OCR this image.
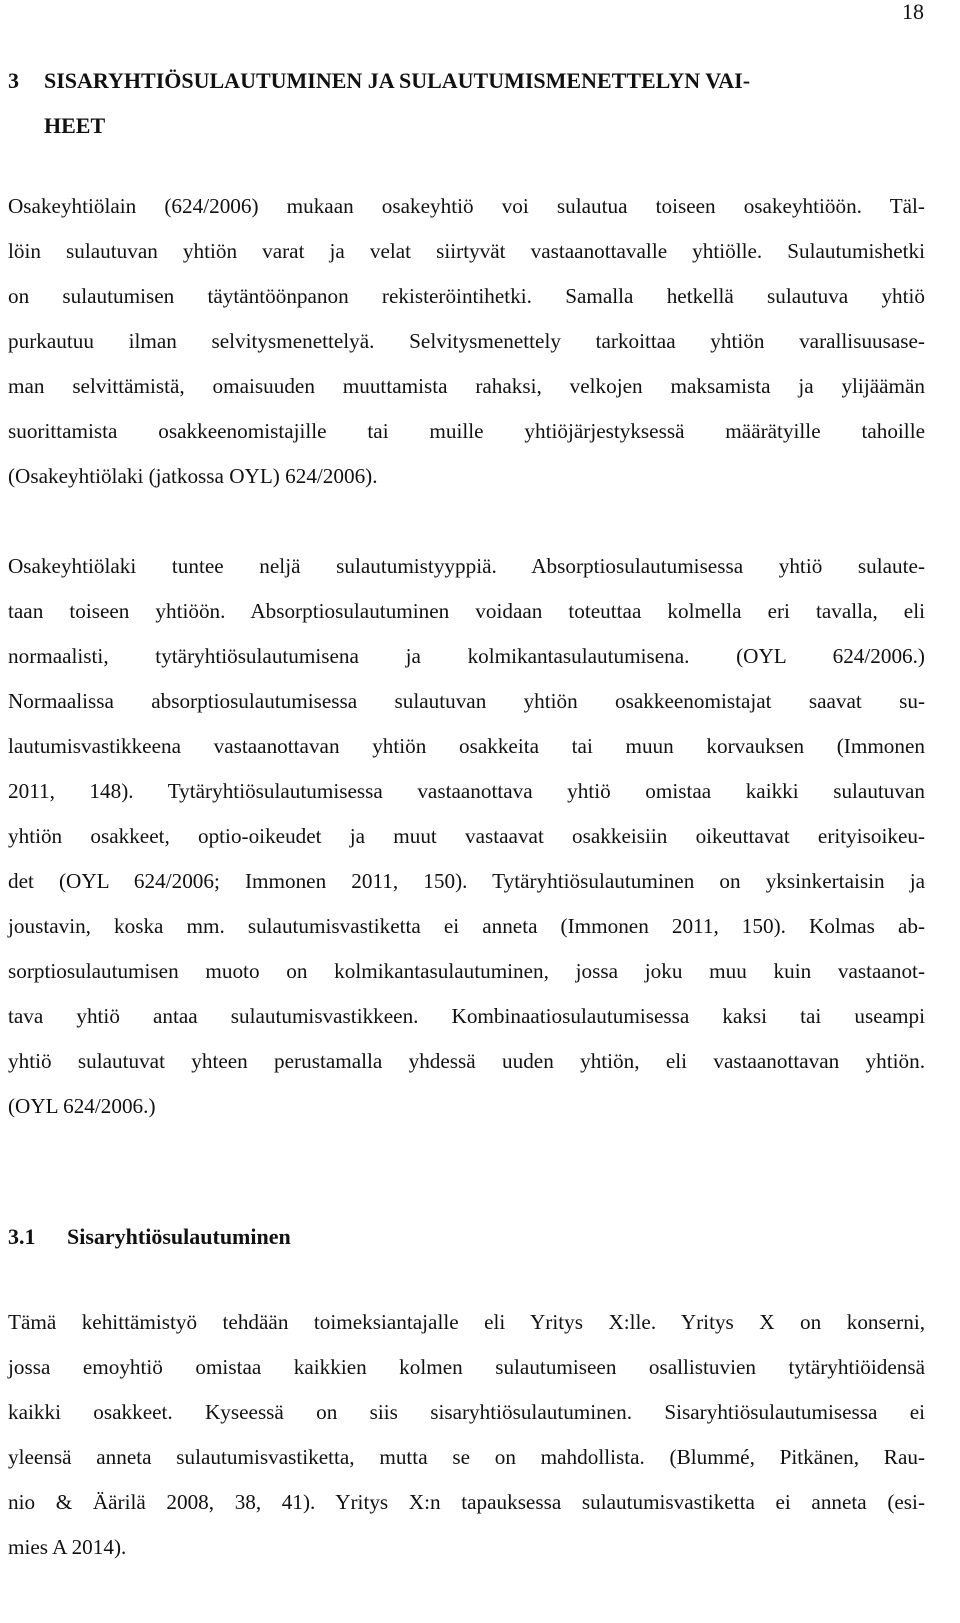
18
3 SISARYHTIÖSULAUTUMINEN JA SULAUTUMISMENETTELYN VAI-
HEET
Osakeyhtiölain (624/2006) mukaan osakeyhtiö voi sulautua toiseen osakeyhtiöön. Täl-
löin sulautuvan yhtiön varat ja velat siirtyvät vastaanottavalle yhtiölle. Sulautumishetki
on sulautumisen täytäntöönpanon rekisteröintihetki. Samalla hetkellä sulautuva yhtiö
purkautuu ilman selvitysmenettelyä. Selvitysmenettely tarkoittaa yhtiön varallisuusase-
man selvittämistä, omaisuuden muuttamista rahaksi, velkojen maksamista ja ylijäämän
suorittamista osakkeenomistajille tai muille yhtiöjärjestyksessä määrätyille tahoille
(Osakeyhtiölaki (jatkossa OYL) 624/2006).
Osakeyhtiölaki tuntee neljä sulautumistyyppiä. Absorptiosulautumisessa yhtiö sulaute-
taan toiseen yhtiöön. Absorptiosulautuminen voidaan toteuttaa kolmella eri tavalla, eli
normaalisti, tytäryhtiösulautumisena ja kolmikantasulautumisena. (OYL 624/2006.)
Normaalissa absorptiosulautumisessa sulautuvan yhtiön osakkeenomistajat saavat su-
lautumisvastikkeena vastaanottavan yhtiön osakkeita tai muun korvauksen (Immonen
2011, 148). Tytäryhtiösulautumisessa vastaanottava yhtiö omistaa kaikki sulautuvan
yhtiön osakkeet, optio-oikeudet ja muut vastaavat osakkeisiin oikeuttavat erityisoikeu-
det (OYL 624/2006; Immonen 2011, 150). Tytäryhtiösulautuminen on yksinkertaisin ja
joustavin, koska mm. sulautumisvastiketta ei anneta (Immonen 2011, 150). Kolmas ab-
sorptiosulautumisen muoto on kolmikantasulautuminen, jossa joku muu kuin vastaanot-
tava yhtiö antaa sulautumisvastikkeen. Kombinaatiosulautumisessa kaksi tai useampi
yhtiö sulautuvat yhteen perustamalla yhdessä uuden yhtiön, eli vastaanottavan yhtiön.
(OYL 624/2006.)
3.1 Sisaryhtiösulautuminen
Tämä kehittämistyö tehdään toimeksiantajalle eli Yritys X:lle. Yritys X on konserni,
jossa emoyhtiö omistaa kaikkien kolmen sulautumiseen osallistuvien tytäryhtiöidensä
kaikki osakkeet. Kyseessä on siis sisaryhtiösulautuminen. Sisaryhtiösulautumisessa ei
yleensä anneta sulautumisvastiketta, mutta se on mahdollista. (Blummé, Pitkänen, Rau-
nio & Äärilä 2008, 38, 41). Yritys X:n tapauksessa sulautumisvastiketta ei anneta (esi-
mies A 2014).
